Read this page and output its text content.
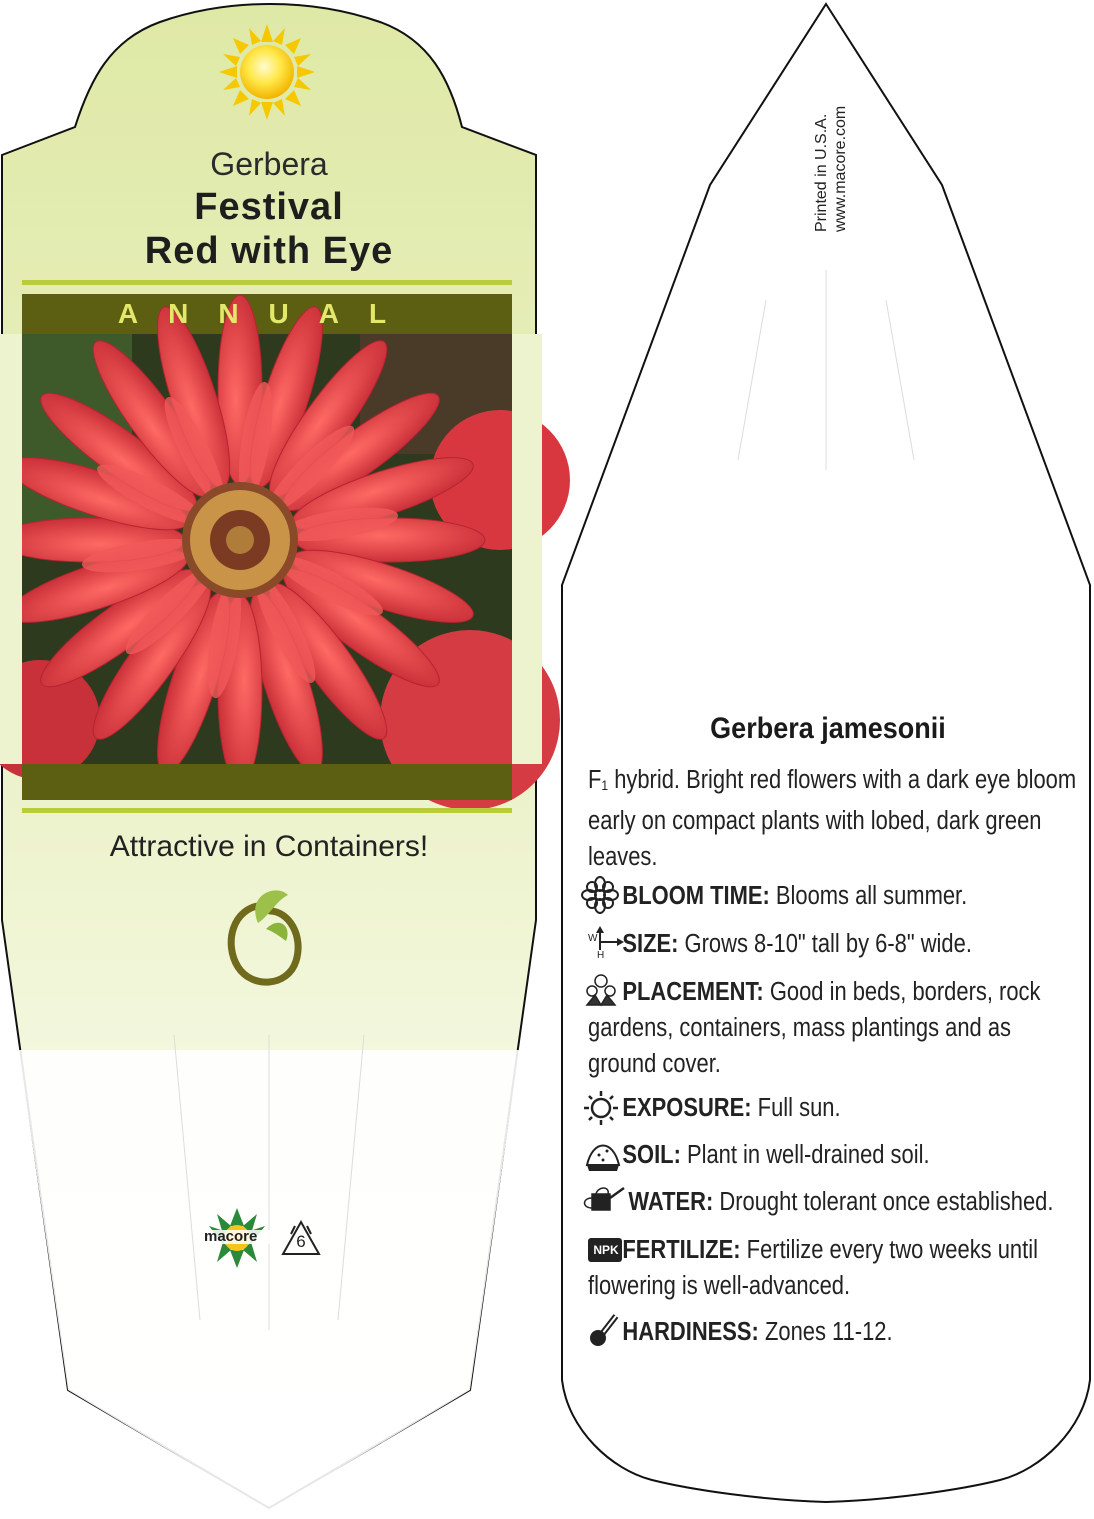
Gerbera
Festival
Red with Eye
ANNUAL
Attractive in Containers!
macore	6
Printed in U.S.A. www.macore.com
Gerbera jamesonii
F1 hybrid. Bright red flowers with a dark eye bloom early on compact plants with lobed, dark green leaves.
BLOOM TIME: Blooms all summer.
SIZE: Grows 8-10" tall by 6-8" wide.
W
H
PLACEMENT: Good in beds, borders, rock gardens, containers, mass plantings and as ground cover.
EXPOSURE: Full sun.
SOIL: Plant in well-drained soil.
WATER: Drought tolerant once established.
NPK FERTILIZE: Fertilize every two weeks until flowering is well-advanced.
HARDINESS: Zones 11-12.
